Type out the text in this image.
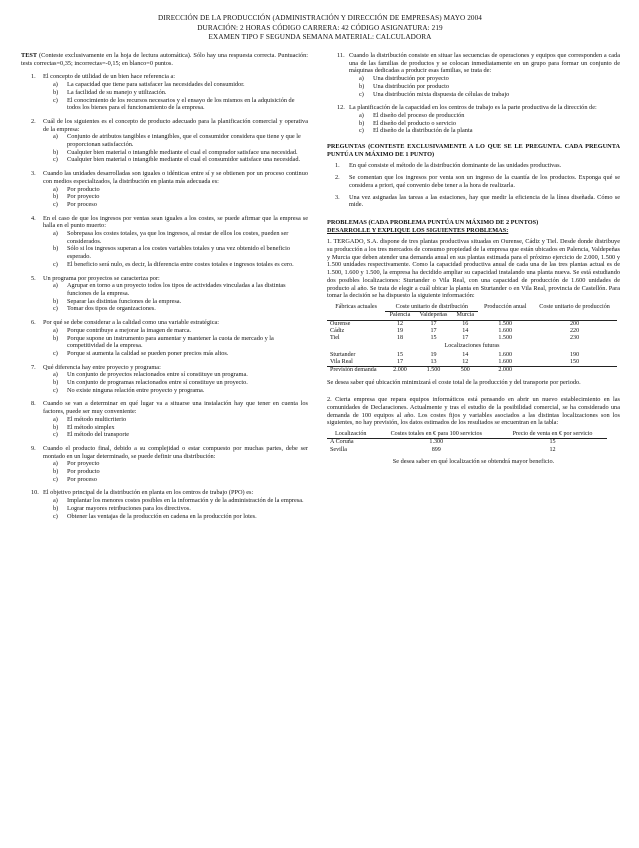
DIRECCIÓN DE LA PRODUCCIÓN (ADMINISTRACIÓN Y DIRECCIÓN DE EMPRESAS) MAYO 2004
DURACIÓN: 2 HORAS CÓDIGO CARRERA: 42 CÓDIGO ASIGNATURA: 219
EXAMEN TIPO F SEGUNDA SEMANA MATERIAL: CALCULADORA
TEST (Conteste exclusivamente en la hoja de lectura automática). Sólo hay una respuesta correcta. Puntuación: tests correctas=0,35; incorrectas=-0,15; en blanco=0 puntos.
1. El concepto de utilidad de un bien hace referencia a:
a) La capacidad que tiene para satisfacer las necesidades del consumidor.
b) La facilidad de su manejo y utilización.
c) El conocimiento de los recursos necesarios y el ensayo de los mismos en la adquisición de todos los bienes para el funcionamiento de la empresa.
2. Cuál de los siguientes es el concepto de producto adecuado para la planificación comercial y operativa de la empresa:
a) Conjunto de atributos tangibles e intangibles, que el consumidor considera que tiene y que le proporcionan satisfacción.
b) Cualquier bien material o intangible mediante el cual el comprador satisface una necesidad.
c) Cualquier bien material o intangible mediante el cual el consumidor satisface una necesidad.
3. Cuando las unidades desarrolladas son iguales o idénticas entre sí y se obtienen por un proceso continuo con medios especializados, la distribución en planta más adecuada es:
a) Por producto
b) Por proyecto
c) Por proceso
4. En el caso de que los ingresos por ventas sean iguales a los costes, se puede afirmar que la empresa se halla en el punto muerto:
a) Sobrepasa los costes totales, ya que los ingresos, al restar de ellos los costes, pueden ser considerados.
b) Sólo si los ingresos superan a los costes variables totales y una vez obtenido el beneficio esperado.
c) El beneficio será nulo, es decir, la diferencia entre costes totales e ingresos totales es cero.
5. Un programa por proyectos se caracteriza por:
a) Agrupar en torno a un proyecto todos los tipos de actividades vinculadas a las distintas funciones de la empresa.
b) Separar las distintas funciones de la empresa.
c) Tomar dos tipos de organizaciones.
6. Por qué se debe considerar a la calidad como una variable estratégica:
a) Porque contribuye a mejorar la imagen de marca.
b) Porque supone un instrumento para aumentar y mantener la cuota de mercado y la competitividad de la empresa.
c) Porque si aumenta la calidad se pueden poner precios más altos.
7. Qué diferencia hay entre proyecto y programa:
a) Un conjunto de proyectos relacionados entre sí constituye un programa.
b) Un conjunto de programas relacionados entre sí constituye un proyecto.
c) No existe ninguna relación entre proyecto y programa.
8. Cuando se van a determinar en qué lugar va a situarse una instalación hay que tener en cuenta los factores, puede ser muy conveniente:
a) El método multicriterio
b) El método simplex
c) El método del transporte
9. Cuando el producto final, debido a su complejidad o estar compuesto por muchas partes, debe ser montado en un lugar determinado, se puede definir una distribución:
a) Por proyecto
b) Por producto
c) Por proceso
10. El objetivo principal de la distribución en planta en los centros de trabajo (PPO) es:
a) Implantar los menores costes posibles en la información y de la administración de la empresa.
b) Lograr mayores retribuciones para los directivos.
c) Obtener las ventajas de la producción en cadena en la producción por lotes.
11. Cuando la distribución consiste en situar las secuencias de operaciones y equipos que corresponden a cada una de las familias de productos y se colocan inmediatamente en un grupo para formar un conjunto de máquinas dedicadas a producir esas familias, se trata de:
a) Una distribución por proyecto
b) Una distribución por producto
c) Una distribución mixta dispuesta de células de trabajo
12. La planificación de la capacidad en los centros de trabajo es la parte productiva de la dirección de:
a) El diseño del proceso de producción
b) El diseño del producto o servicio
c) El diseño de la distribución de la planta
PREGUNTAS (CONTESTE EXCLUSIVAMENTE A LO QUE SE LE PREGUNTA. CADA PREGUNTA PUNTÚA UN MÁXIMO DE 1 PUNTO)
1. En qué consiste el método de la distribución dominante de las unidades productivas.
2. Se comentan que los ingresos por venta son un ingreso de la cuantía de los productos. Exponga qué se considera a priori, qué convenio debe tener a la hora de realizarla.
3. Una vez asignadas las tareas a las estaciones, hay que medir la eficiencia de la línea diseñada. Cómo se mide.
PROBLEMAS (CADA PROBLEMA PUNTÚA UN MÁXIMO DE 2 PUNTOS)
DESARROLLE Y EXPLIQUE LOS SIGUIENTES PROBLEMAS:
1. TERGADO, S.A. dispone de tres plantas productivas situadas en Ourense, Cádiz y Tiel. Desde donde distribuye su producción a los tres mercados de consumo propiedad de la empresa que están ubicados en Palencia, Valdepeñas y Murcia que deben atender una demanda anual en sus plantas estimada para el próximo ejercicio de 2.000, 1.500 y 1.500 unidades respectivamente. Como la capacidad productiva anual de cada una de las tres plantas actual es de 1.500, 1.600 y 1.500, la empresa ha decidido ampliar su capacidad instalando una planta nueva. Se está estudiando dos posibles localizaciones: Sturtander o Vila Real, con una capacidad de producción de 1.600 unidades de producto al año. Se trata de elegir a cuál ubicar la planta en Sturtander o en Vila Real, provincia de Castellón. Para tomar la decisión se ha dispuesto la siguiente información:
Fábricas actuales	Coste unitario de distribución			Producción anual	Coste unitario de producción
	Palencia	Valdepeñas	Murcia		
Ourense	12	17	16	1.500	200
Cádiz	19	17	14	1.600	220
Tiel	18	15	17	1.500	230
Localizaciones futuras					
Sturtander	15	19	14	1.600	190
Vila Real	17	13	12	1.600	150
Previsión demanda	2.000	1.500	500	2.000	
Se desea saber qué ubicación minimizará el coste total de la producción y del transporte por periodo.
2. Cierta empresa que repara equipos informáticos está pensando en abrir un nuevo establecimiento en las comunidades de Declaraciones. Actualmente y tras el estudio de la posibilidad comercial, se ha considerado una demanda de 100 equipos al año. Los costes fijos y variables asociados a las distintas localizaciones son los siguientes, no hay previsión, los datos estimados de los resultados se encuentran en la tabla:
Localización	Costes totales en € para 100 servicios	Precio de venta en € por servicio
A Coruña	1.300	15
Sevilla	899	12
Se desea saber en qué localización se obtendrá mayor beneficio.
